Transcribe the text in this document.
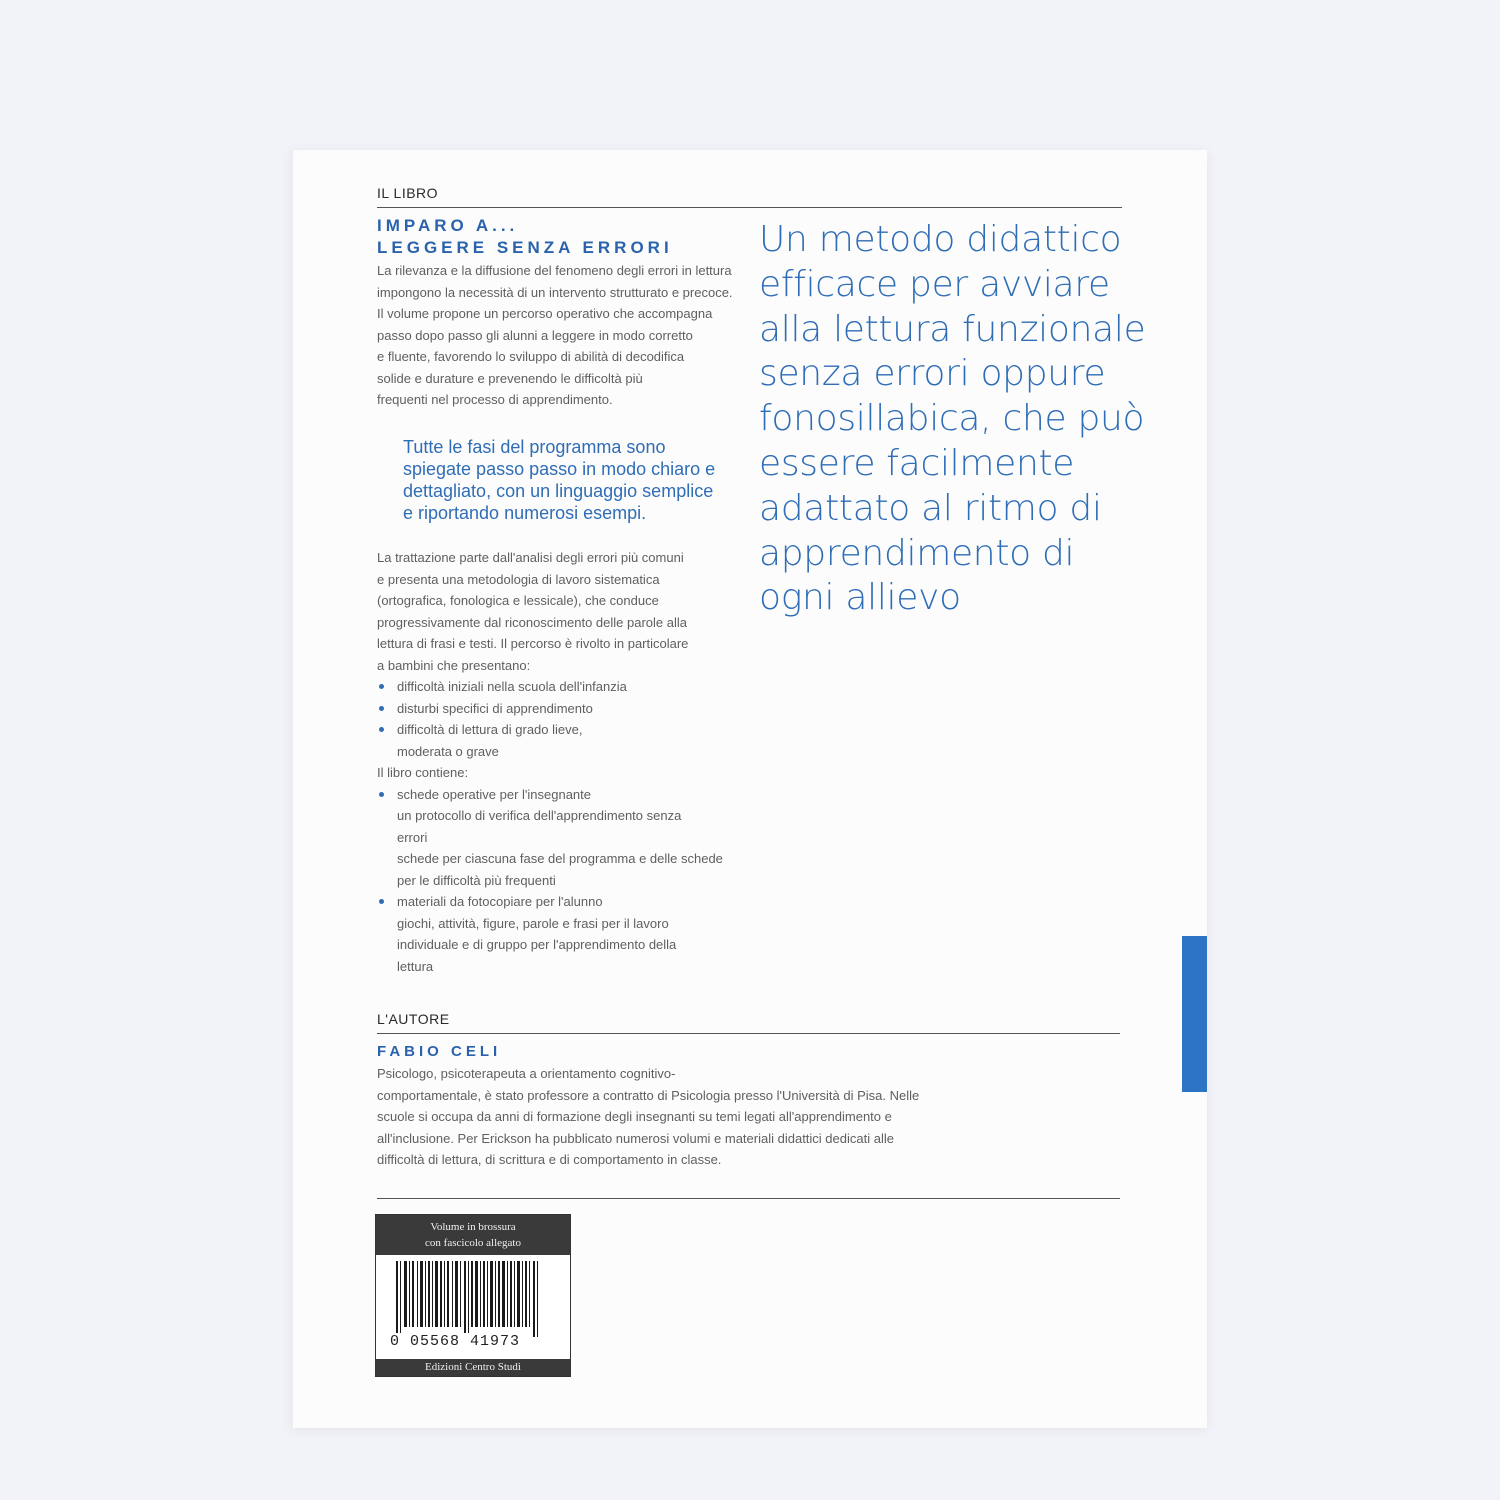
IL LIBRO
IMPARO A...
LEGGERE SENZA ERRORI
La rilevanza e la diffusione del fenomeno degli errori in lettura
impongono la necessità di un intervento strutturato e precoce.
Il volume propone un percorso operativo che accompagna
passo dopo passo gli alunni a leggere in modo corretto
e fluente, favorendo lo sviluppo di abilità di decodifica
solide e durature e prevenendo le difficoltà più
frequenti nel processo di apprendimento.
Tutte le fasi del programma sono
spiegate passo passo in modo chiaro e
dettagliato, con un linguaggio semplice
e riportando numerosi esempi.
La trattazione parte dall'analisi degli errori più comuni
e presenta una metodologia di lavoro sistematica
(ortografica, fonologica e lessicale), che conduce
progressivamente dal riconoscimento delle parole alla
lettura di frasi e testi. Il percorso è rivolto in particolare
a bambini che presentano:
difficoltà iniziali nella scuola dell'infanzia
disturbi specifici di apprendimento
difficoltà di lettura di grado lieve,
moderata o grave
Il libro contiene:
schede operative per l'insegnante
un protocollo di verifica dell'apprendimento senza
errori
schede per ciascuna fase del programma e delle schede
per le difficoltà più frequenti
materiali da fotocopiare per l'alunno
giochi, attività, figure, parole e frasi per il lavoro
individuale e di gruppo per l'apprendimento della
lettura
Un metodo didattico
efficace per avviare
alla lettura funzionale
senza errori oppure
fonosillabica, che può
essere facilmente
adattato al ritmo di
apprendimento di
ogni allievo
L'AUTORE
FABIO CELI
Psicologo, psicoterapeuta a orientamento cognitivo-
comportamentale, è stato professore a contratto di Psicologia presso l'Università di Pisa. Nelle
scuole si occupa da anni di formazione degli insegnanti su temi legati all'apprendimento e
all'inclusione. Per Erickson ha pubblicato numerosi volumi e materiali didattici dedicati alle
difficoltà di lettura, di scrittura e di comportamento in classe.
Volume in brossura
con fascicolo allegato
0 05568 41973
Edizioni Centro Studi
